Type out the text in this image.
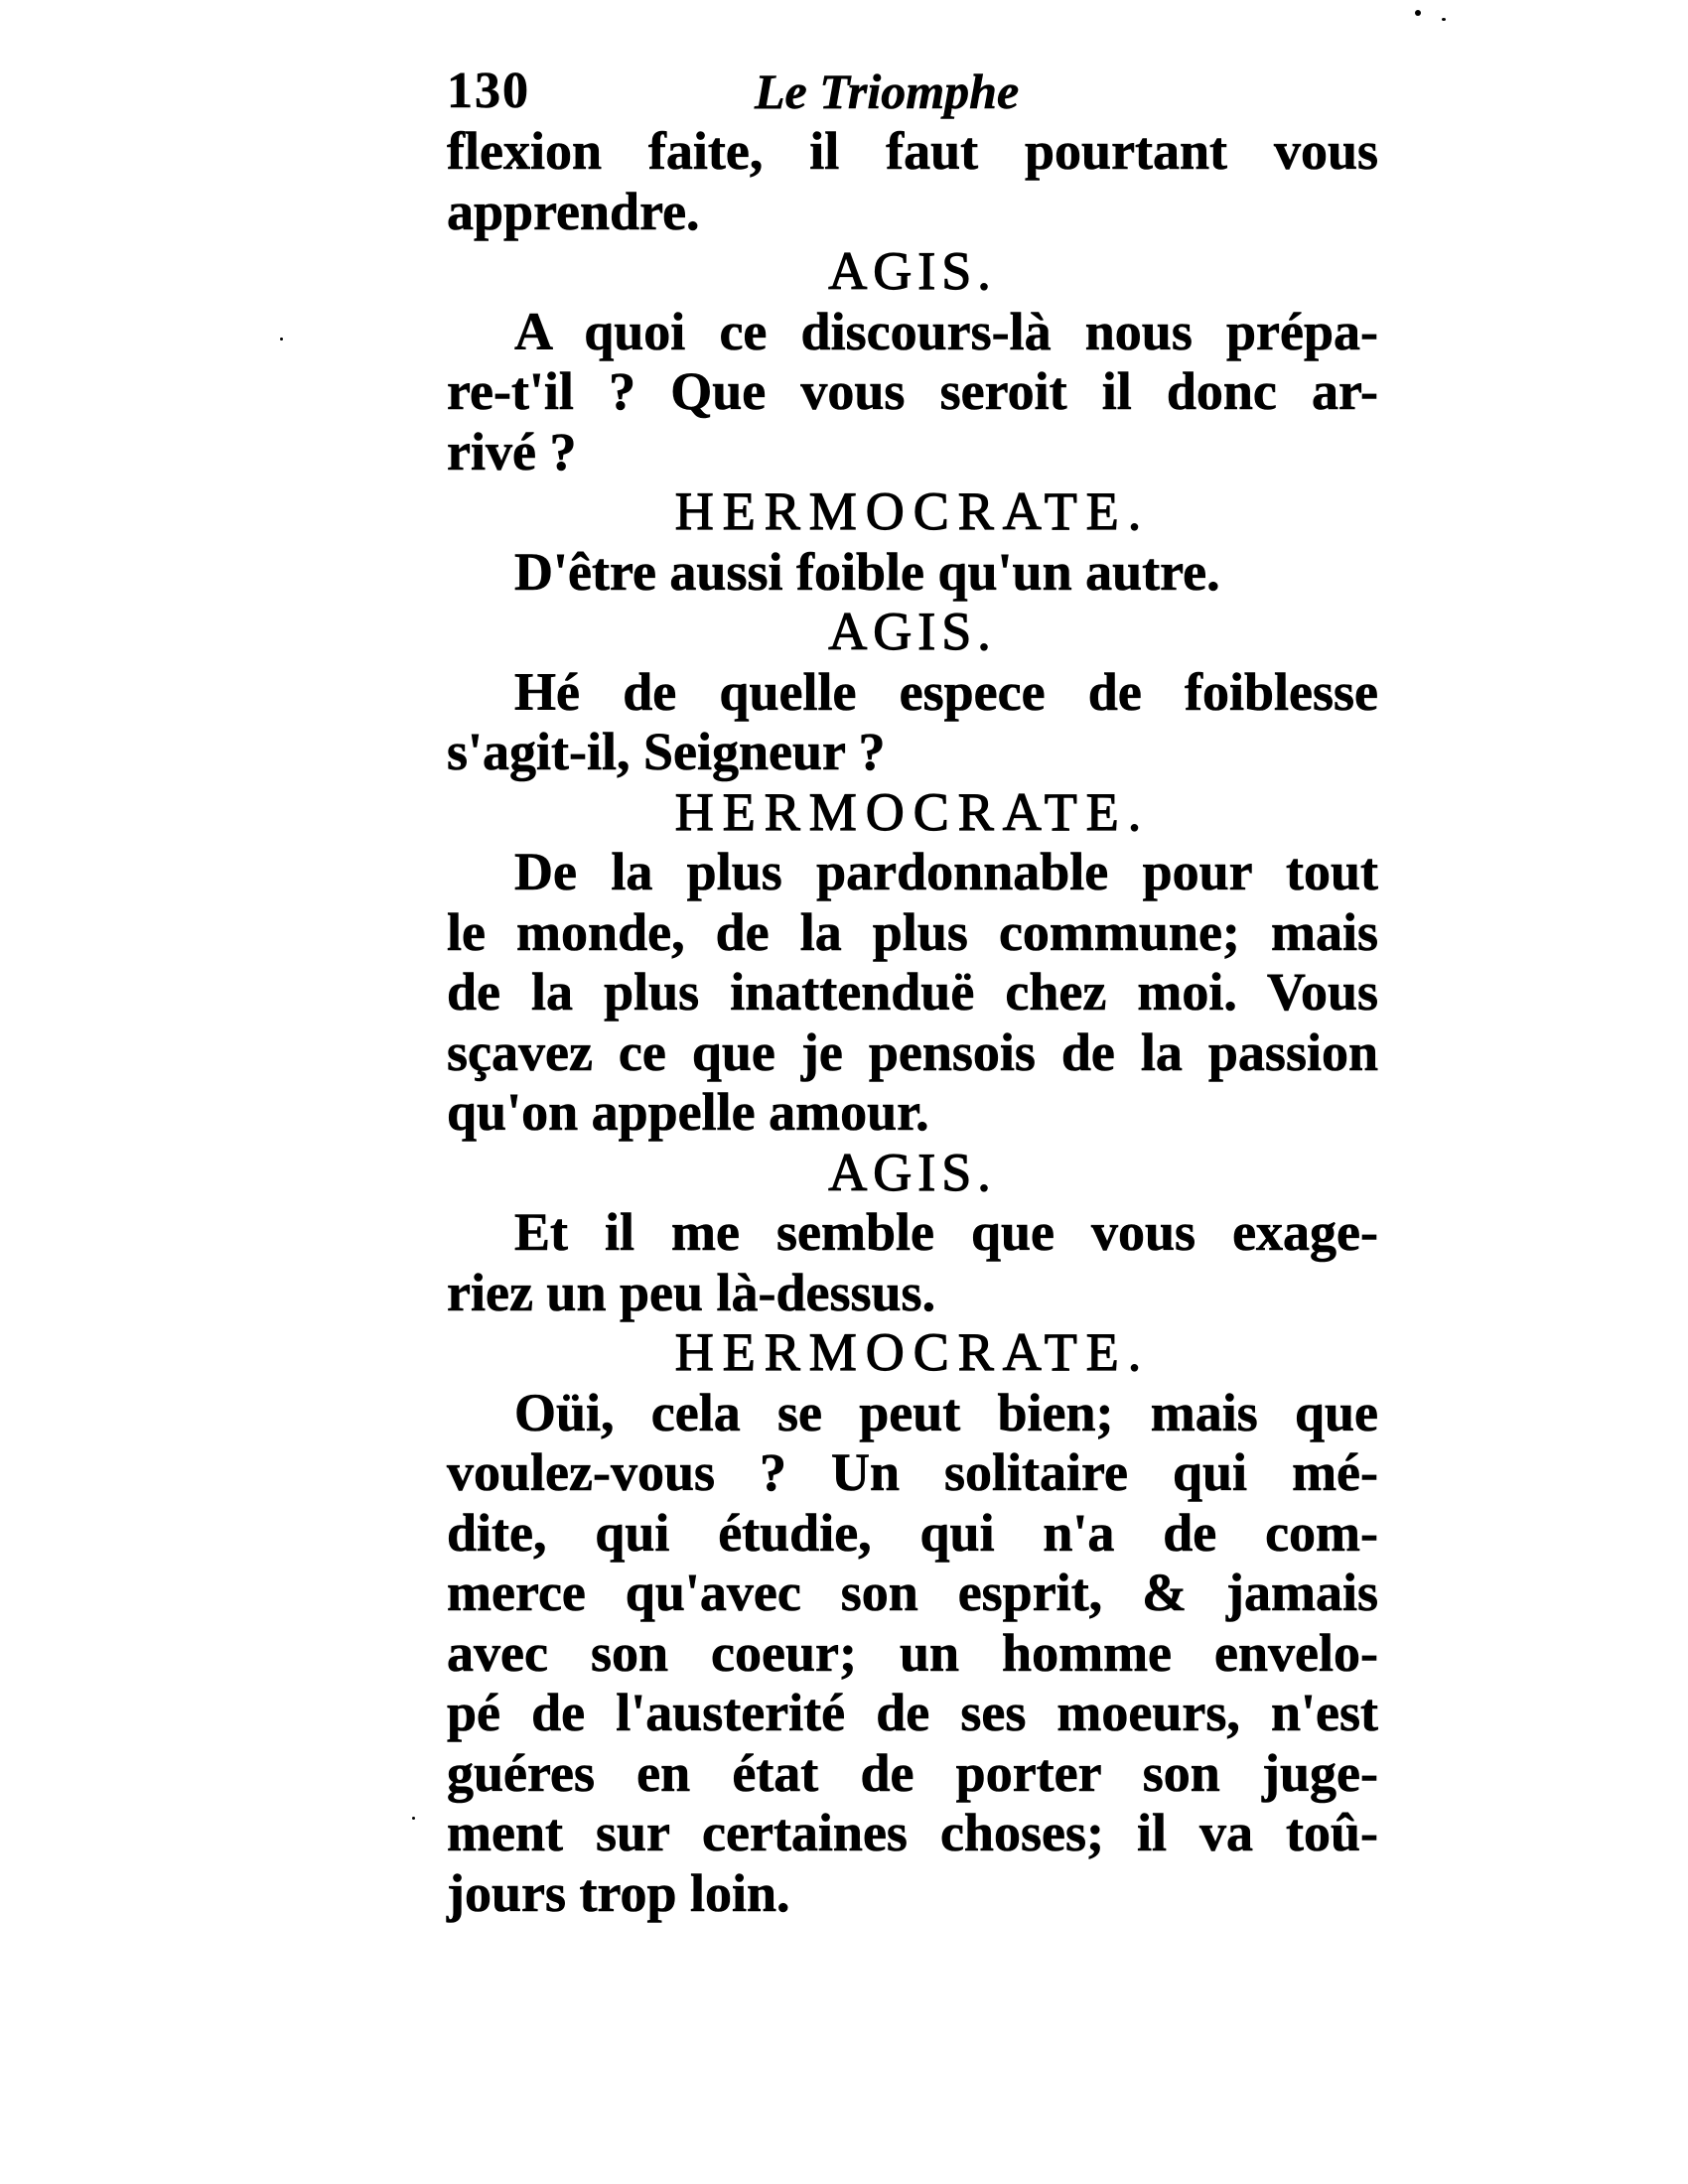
130	Le Triomphe
flexion faite, il faut pourtant vous
apprendre.
AGIS.
A quoi ce discours-là nous prépa-
re-t'il ? Que vous seroit il donc ar-
rivé ?
HERMOCRATE.
D'être aussi foible qu'un autre.
AGIS.
Hé de quelle espece de foiblesse
s'agit-il, Seigneur ?
HERMOCRATE.
De la plus pardonnable pour tout
le monde, de la plus commune; mais
de la plus inattenduë chez moi. Vous
sçavez ce que je pensois de la passion
qu'on appelle amour.
AGIS.
Et il me semble que vous exage-
riez un peu là-dessus.
HERMOCRATE.
Oüi, cela se peut bien; mais que
voulez-vous ? Un solitaire qui mé-
dite, qui étudie, qui n'a de com-
merce qu'avec son esprit, & jamais
avec son coeur; un homme envelo-
pé de l'austerité de ses moeurs, n'est
guéres en état de porter son juge-
ment sur certaines choses; il va toû-
jours trop loin.
